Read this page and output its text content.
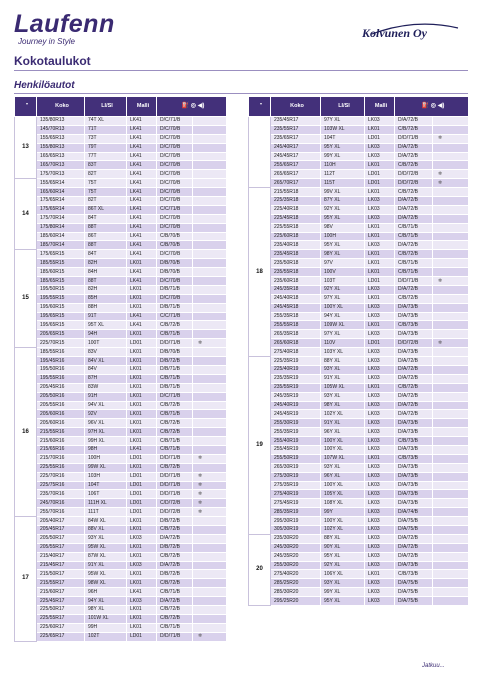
Laufenn
Journey in Style
Kolvunen Oy
Kokotaulukot
Henkilöautot
"	Koko	LI/SI	Malli	⛽ ◎ ◀)	
13	135/80R13	74T XL	LK41	D/C/71/B	
	145/70R13	71T	LK41	D/C/70/B	
	155/65R13	73T	LK41	D/C/70/B	
	155/80R13	79T	LK41	D/C/70/B	
	165/65R13	77T	LK41	D/C/70/B	
	165/70R13	83T	LK41	D/C/70/B	
	175/70R13	82T	LK41	D/C/70/B	
14	155/65R14	75T	LK41	D/C/70/B	
	165/60R14	75T	LK41	D/C/70/B	
	175/65R14	82T	LK41	D/C/70/B	
	175/65R14	86T XL	LK41	C/C/71/B	
	175/70R14	84T	LK41	D/C/70/B	
	175/80R14	88T	LK41	D/C/70/B	
	185/60R14	86T	LK41	C/B/70/B	
	185/70R14	88T	LK41	C/B/70/B	
15	175/65R15	84T	LK41	D/C/70/B	
	185/55R15	82H	LK01	D/B/70/B	
	185/60R15	84H	LK41	D/B/70/B	
	185/65R15	88T	LK41	D/C/70/B	
	195/50R15	82H	LK01	D/B/71/B	
	195/55R15	85H	LK01	D/C/70/B	
	195/60R15	88H	LK01	D/B/71/B	
	195/65R15	91T	LK41	C/C/71/B	
	195/65R15	95T XL	LK41	C/B/72/B	
	205/65R15	94H	LK01	C/B/71/B	
	225/70R15	100T	LD01	D/D/71/B	❄
16	185/55R16	83V	LK01	D/B/70/B	
	195/45R16	84V XL	LK01	D/B/72/B	
	195/50R16	84V	LK01	D/B/71/B	
	195/55R16	87H	LK01	C/B/71/B	
	205/45R16	83W	LK01	D/B/71/B	
	205/50R16	91H	LK01	D/C/71/B	
	205/55R16	94V XL	LK01	C/B/72/B	
	205/60R16	92V	LK01	C/B/71/B	
	205/60R16	96V XL	LK01	C/B/72/B	
	215/55R16	97H XL	LK01	C/B/72/B	
	215/60R16	99H XL	LK01	C/B/71/B	
	215/65R16	98H	LK41	C/B/71/B	
	215/70R16	100H	LD01	D/D/71/B	❄
	225/55R16	99W XL	LK01	C/B/72/B	
	225/70R16	103H	LD01	D/D/71/B	❄
	225/75R16	104T	LD01	D/D/71/B	❄
	235/70R16	106T	LD01	D/D/71/B	❄
	245/70R16	111H XL	LD01	C/D/72/B	❄
	255/70R16	111T	LD01	D/D/72/B	❄
17	205/40R17	84W XL	LK01	D/B/72/B	
	205/45R17	88V XL	LK01	C/B/72/B	
	205/50R17	93Y XL	LK03	D/A/72/B	
	205/55R17	95W XL	LK01	D/B/72/B	
	215/40R17	87W XL	LK01	C/B/72/B	
	215/45R17	91Y XL	LK03	D/A/72/B	
	215/50R17	95W XL	LK01	D/B/72/B	
	215/55R17	98W XL	LK01	C/B/72/B	
	215/60R17	96H	LK41	C/B/71/B	
	225/45R17	94Y XL	LK03	D/A/72/B	
	225/50R17	98Y XL	LK01	C/B/72/B	
	225/55R17	101W XL	LK01	C/B/72/B	
	225/60R17	99H	LK01	C/B/71/B	
	225/65R17	102T	LD01	D/D/71/B	❄
"	Koko	LI/SI	Malli	⛽ ◎ ◀)	
	235/45R17	97Y XL	LK03	D/A/72/B	
	235/55R17	103W XL	LK01	C/B/72/B	
	235/65R17	104T	LD01	D/D/71/B	❄
	245/40R17	95Y XL	LK03	D/A/72/B	
	245/45R17	99Y XL	LK03	D/A/72/B	
	255/65R17	110H	LK01	C/B/72/B	
	265/65R17	112T	LD01	D/D/72/B	❄
	265/70R17	115T	LD01	D/D/72/B	❄
18	215/55R18	99V XL	LK01	C/B/72/B	
	225/35R18	87Y XL	LK03	D/A/72/B	
	225/40R18	92Y XL	LK03	D/A/72/B	
	225/45R18	95Y XL	LK03	D/A/72/B	
	225/55R18	98V	LK01	C/B/71/B	
	225/60R18	100H	LK01	C/B/71/B	
	235/40R18	95Y XL	LK03	D/A/72/B	
	235/45R18	98Y XL	LK01	C/B/72/B	
	235/50R18	97V	LK01	C/B/71/B	
	235/55R18	100V	LK01	C/B/71/B	
	235/60R18	103T	LD01	D/D/71/B	❄
	245/35R18	92Y XL	LK03	D/A/72/B	
	245/40R18	97Y XL	LK01	C/B/72/B	
	245/45R18	100Y XL	LK03	D/A/73/B	
	255/35R18	94Y XL	LK03	D/A/73/B	
	255/55R18	109W XL	LK01	C/B/73/B	
	265/35R18	97Y XL	LK03	D/A/73/B	
	265/60R18	110V	LD01	D/D/72/B	❄
	275/40R18	103Y XL	LK03	D/A/73/B	
19	225/35R19	88Y XL	LK03	D/A/72/B	
	225/40R19	93Y XL	LK03	D/A/72/B	
	235/35R19	91Y XL	LK03	D/A/72/B	
	235/55R19	105W XL	LK01	C/B/72/B	
	245/35R19	93Y XL	LK03	D/A/72/B	
	245/40R19	98Y XL	LK03	D/A/72/B	
	245/45R19	102Y XL	LK03	D/A/72/B	
	255/30R19	91Y XL	LK03	D/A/73/B	
	255/35R19	96Y XL	LK03	D/A/73/B	
	255/40R19	100Y XL	LK03	C/B/73/B	
	255/45R19	100Y XL	LK03	D/A/73/B	
	255/50R19	107W XL	LK01	C/B/73/B	
	265/30R19	93Y XL	LK03	D/A/73/B	
	275/30R19	96Y XL	LK03	D/A/73/B	
	275/35R19	100Y XL	LK03	D/A/73/B	
	275/40R19	105Y XL	LK03	D/A/73/B	
	275/45R19	108Y XL	LK03	D/A/73/B	
	285/35R19	99Y	LK03	D/A/74/B	
	295/30R19	100Y XL	LK03	D/A/75/B	
	305/30R19	102Y XL	LK03	D/A/75/B	
20	235/30R20	88Y XL	LK03	D/A/72/B	
	245/30R20	90Y XL	LK03	D/A/72/B	
	245/35R20	95Y XL	LK03	D/A/72/B	
	255/30R20	92Y XL	LK03	D/A/73/B	
	275/40R20	106Y XL	LK01	C/B/73/B	
	285/25R20	93Y XL	LK03	D/A/75/B	
	285/30R20	99Y XL	LK03	D/A/75/B	
	295/25R20	95Y XL	LK03	D/A/75/B	
Jatkuu...
